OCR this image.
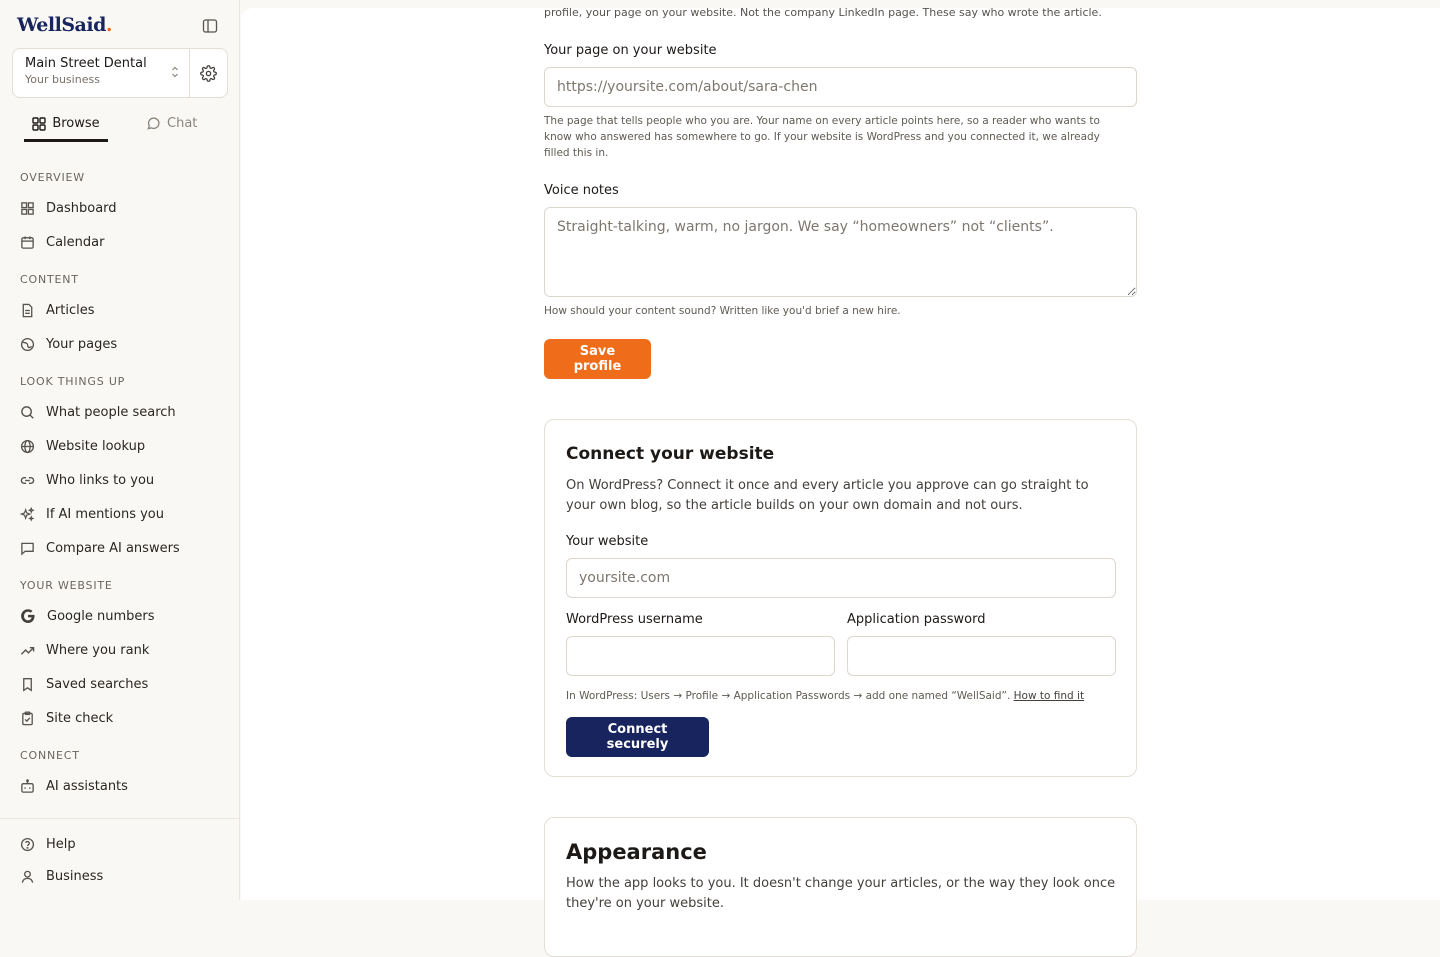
WellSaid.
Main Street Dental
Your business
Browse	Chat
OVERVIEW
Dashboard
Calendar
CONTENT
Articles
Your pages
LOOK THINGS UP
What people search
Website lookup
Who links to you
If AI mentions you
Compare AI answers
YOUR WEBSITE
Google numbers
Where you rank
Saved searches
Site check
CONNECT
AI assistants
Help
Business
profile, your page on your website. Not the company LinkedIn page. These say who wrote the article.
Your page on your website
https://yoursite.com/about/sara-chen
The page that tells people who you are. Your name on every article points here, so a reader who wants to know who answered has somewhere to go. If your website is WordPress and you connected it, we already filled this in.
Voice notes
Straight-talking, warm, no jargon. We say “homeowners” not “clients”.
How should your content sound? Written like you'd brief a new hire.
Save profile
Connect your website
On WordPress? Connect it once and every article you approve can go straight to your own blog, so the article builds on your own domain and not ours.
Your website
yoursite.com
WordPress username	Application password
In WordPress: Users → Profile → Application Passwords → add one named “WellSaid”. How to find it
Connect securely
Appearance
How the app looks to you. It doesn't change your articles, or the way they look once they're on your website.
